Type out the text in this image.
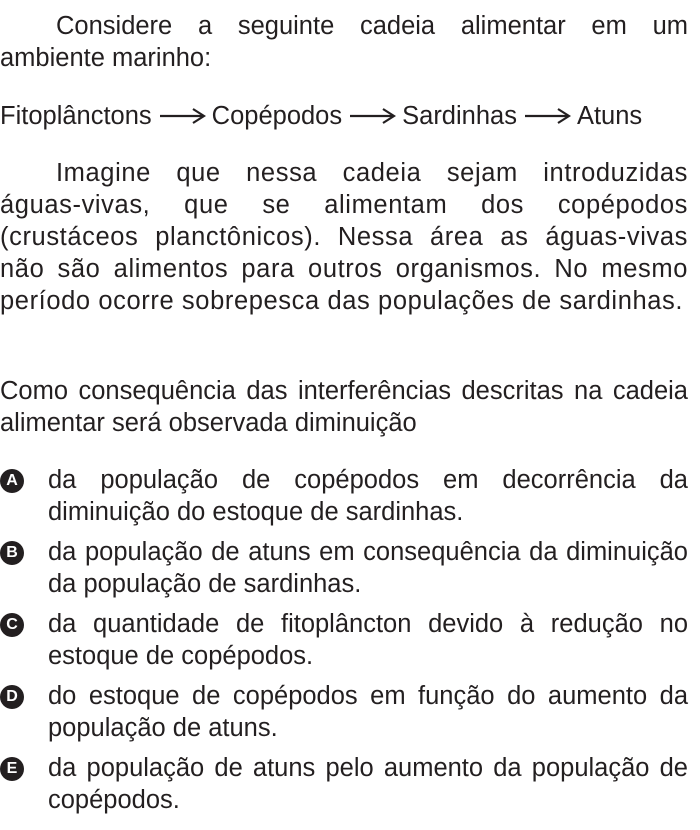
Considere a seguinte cadeia alimentar em um ambiente marinho:
Fitoplânctons Copépodos Sardinhas Atuns
Imagine que nessa cadeia sejam introduzidas águas-vivas, que se alimentam dos copépodos (crustáceos planctônicos). Nessa área as águas-vivas não são alimentos para outros organismos. No mesmo período ocorre sobrepesca das populações de sardinhas.
Como consequência das interferências descritas na cadeia alimentar será observada diminuição
A da população de copépodos em decorrência da diminuição do estoque de sardinhas.
B da população de atuns em consequência da diminuição da população de sardinhas.
C da quantidade de fitoplâncton devido à redução no estoque de copépodos.
D do estoque de copépodos em função do aumento da população de atuns.
E da população de atuns pelo aumento da população de copépodos.
